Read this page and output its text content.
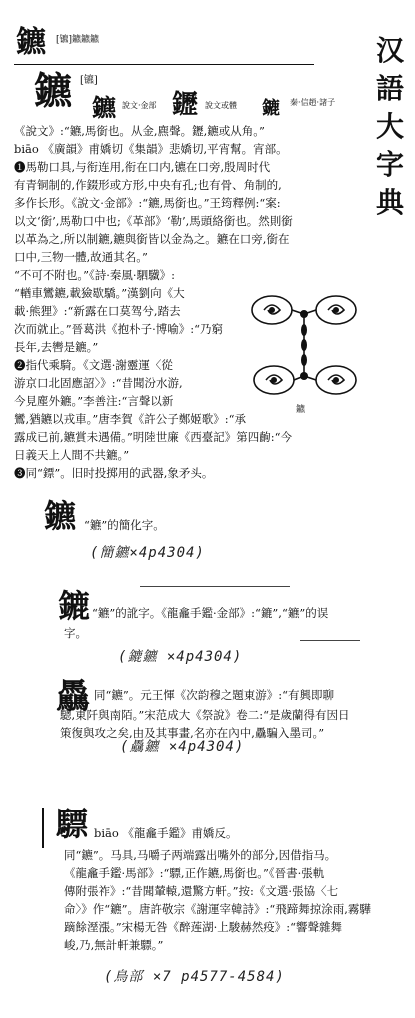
汉
語
大
字
典
鑣 [镳]鑣鑣鑣
鑣 [镳]
鑣 說文·金部 䥶 說文或體 鏕 秦·信趙·諸子
《說文》:“鑣,馬銜也。从金,麃聲。䥶,鑣或从角。”
biāo 《廣韻》甫嬌切《集韻》悲嬌切,平宵幫。宵部。
❶馬勒口具,与衔连用,衔在口内,镳在口旁,殷周时代
有青铜制的,作錣形或方形,中央有孔;也有骨、角制的,
多作长形。《說文·金部》:“鑣,馬銜也。”王筠釋例:“案:
以文‘銜’,馬勒口中也;《革部》‘勒’,馬頭絡銜也。然則銜
以革為之,所以制鑣,鑣與銜皆以金為之。鑣在口旁,銜在
口中,三物一體,故通其名。”
“不可不附也。”《詩·秦風·駟驖》:
“輶車鸞鑣,載獫歇驕。”漢劉向《大
載·熊狸》:“新露在口莫驾兮,踏去
次而就止。”晉葛洪《抱朴子·博喻》:“乃窮
長年,去轡是鑣。”
❷指代乘騎。《文選·謝靈運〈從
游京口北固應詔〉》:“昔聞汾水游,
今見塵外鑣。”李善注:“言聲以新
鸞,猶鑣以戎車。”唐李賀《許公子鄭姬歌》:“承
露成已前,鑣賞未遇備。”明陸世廉《西臺記》第四齣:“今
日義天上人間不共鑣。”
❸同“鏢”。旧时投掷用的武器,象矛头。
鑣
鑣 “鑣”的簡化字。
(簡鑣×4p4304)
鏕 “鑣”的訛字。《龍龕手鑑·金部》:“鏕”,“鑣”的误
字。
(鏕鑣 ×4p4304)
驫 同“鑣”。元王惲《次韵穆之題東游》:“有興即聊
驄,東阡與南陌。”宋范成大《祭說》卷二:“是歲蘭得有因日
策復與攻之矣,由及其事畫,名亦在內中,驫騙入墨司。”
(驫鑣 ×4p4304)
驃 biāo 《龍龕手鑑》甫嬌反。
同“鑣”。马具,马嚼子两端露出嘴外的部分,因借指马。
《龍龕手鑑·馬部》:“驃,正作鑣,馬銜也。”《晉書·張軌
傳附張祚》:“昔聞輦轅,還驚方軒。”按:《文選·張協〈七
命〉》作“鑣”。唐許敬宗《謝運宰韓詩》:“飛蹄舞掠涂雨,霧驊
蹢餘溼漲。”宋楊无咎《醉莲湖·上駿赫然疫》:“響聲雜舞
峻,乃,無計軒兼驃。”
(鳥部 ×7 p4577-4584)
